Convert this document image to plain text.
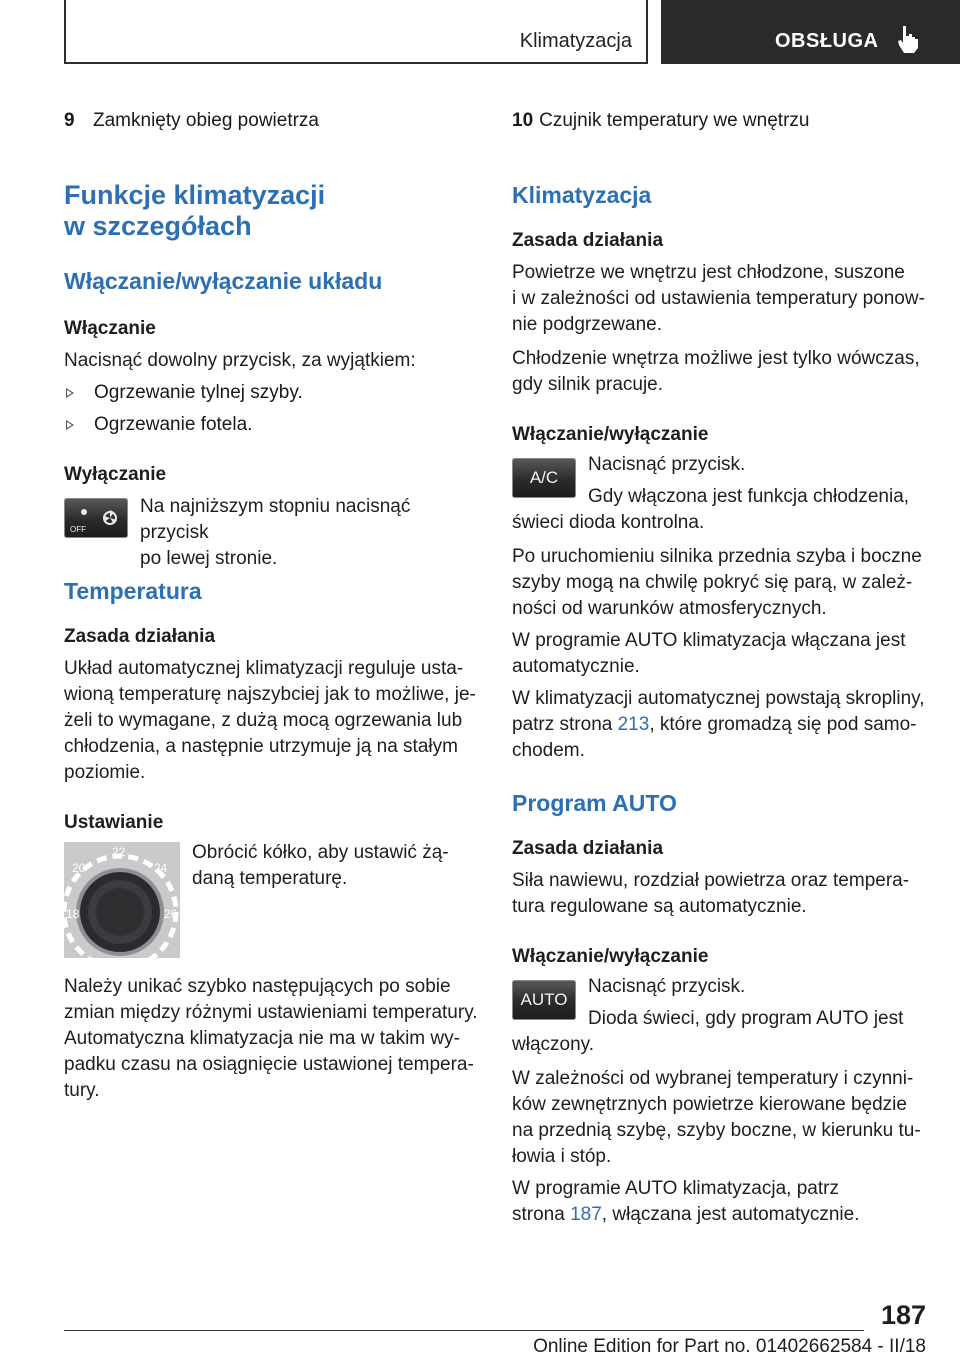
Klimatyzacja	OBSŁUGA

9 Zamknięty obieg powietrza

Funkcje klimatyzacji
w szczegółach
Włączanie/wyłączanie układu

Włączanie

Nacisnąć dowolny przycisk, za wyjątkiem:

Ogrzewanie tylnej szyby.

Ogrzewanie fotela.

Wyłączanie

OFF
Na najniższym stopniu nacisnąć przycisk
po lewej stronie.
Temperatura

Zasada działania

Układ automatycznej klimatyzacji reguluje usta-
wioną temperaturę najszybciej jak to możliwe, je-
żeli to wymagane, z dużą mocą ogrzewania lub
chłodzenia, a następnie utrzymuje ją na stałym
poziomie.

Ustawianie

22
20	24
18	26
Obrócić kółko, aby ustawić żą-
daną temperaturę.

Należy unikać szybko następujących po sobie
zmian między różnymi ustawieniami temperatury.
Automatyczna klimatyzacja nie ma w takim wy-
padku czasu na osiągnięcie ustawionej tempera-
tury.

10 Czujnik temperatury we wnętrzu

Klimatyzacja

Zasada działania

Powietrze we wnętrzu jest chłodzone, suszone
i w zależności od ustawienia temperatury ponow-
nie podgrzewane.

Chłodzenie wnętrza możliwe jest tylko wówczas,
gdy silnik pracuje.

Włączanie/wyłączanie

A/C
Nacisnąć przycisk.
Gdy włączona jest funkcja chłodzenia,
świeci dioda kontrolna.

Po uruchomieniu silnika przednia szyba i boczne
szyby mogą na chwilę pokryć się parą, w zależ-
ności od warunków atmosferycznych.

W programie AUTO klimatyzacja włączana jest
automatycznie.

W klimatyzacji automatycznej powstają skropliny,
patrz strona 213, które gromadzą się pod samo-
chodem.

Program AUTO

Zasada działania

Siła nawiewu, rozdział powietrza oraz tempera-
tura regulowane są automatycznie.

Włączanie/wyłączanie

AUTO
Nacisnąć przycisk.
Dioda świeci, gdy program AUTO jest
włączony.

W zależności od wybranej temperatury i czynni-
ków zewnętrznych powietrze kierowane będzie
na przednią szybę, szyby boczne, w kierunku tu-
łowia i stóp.

W programie AUTO klimatyzacja, patrz
strona 187, włączana jest automatycznie.

187
Online Edition for Part no. 01402662584 - II/18
